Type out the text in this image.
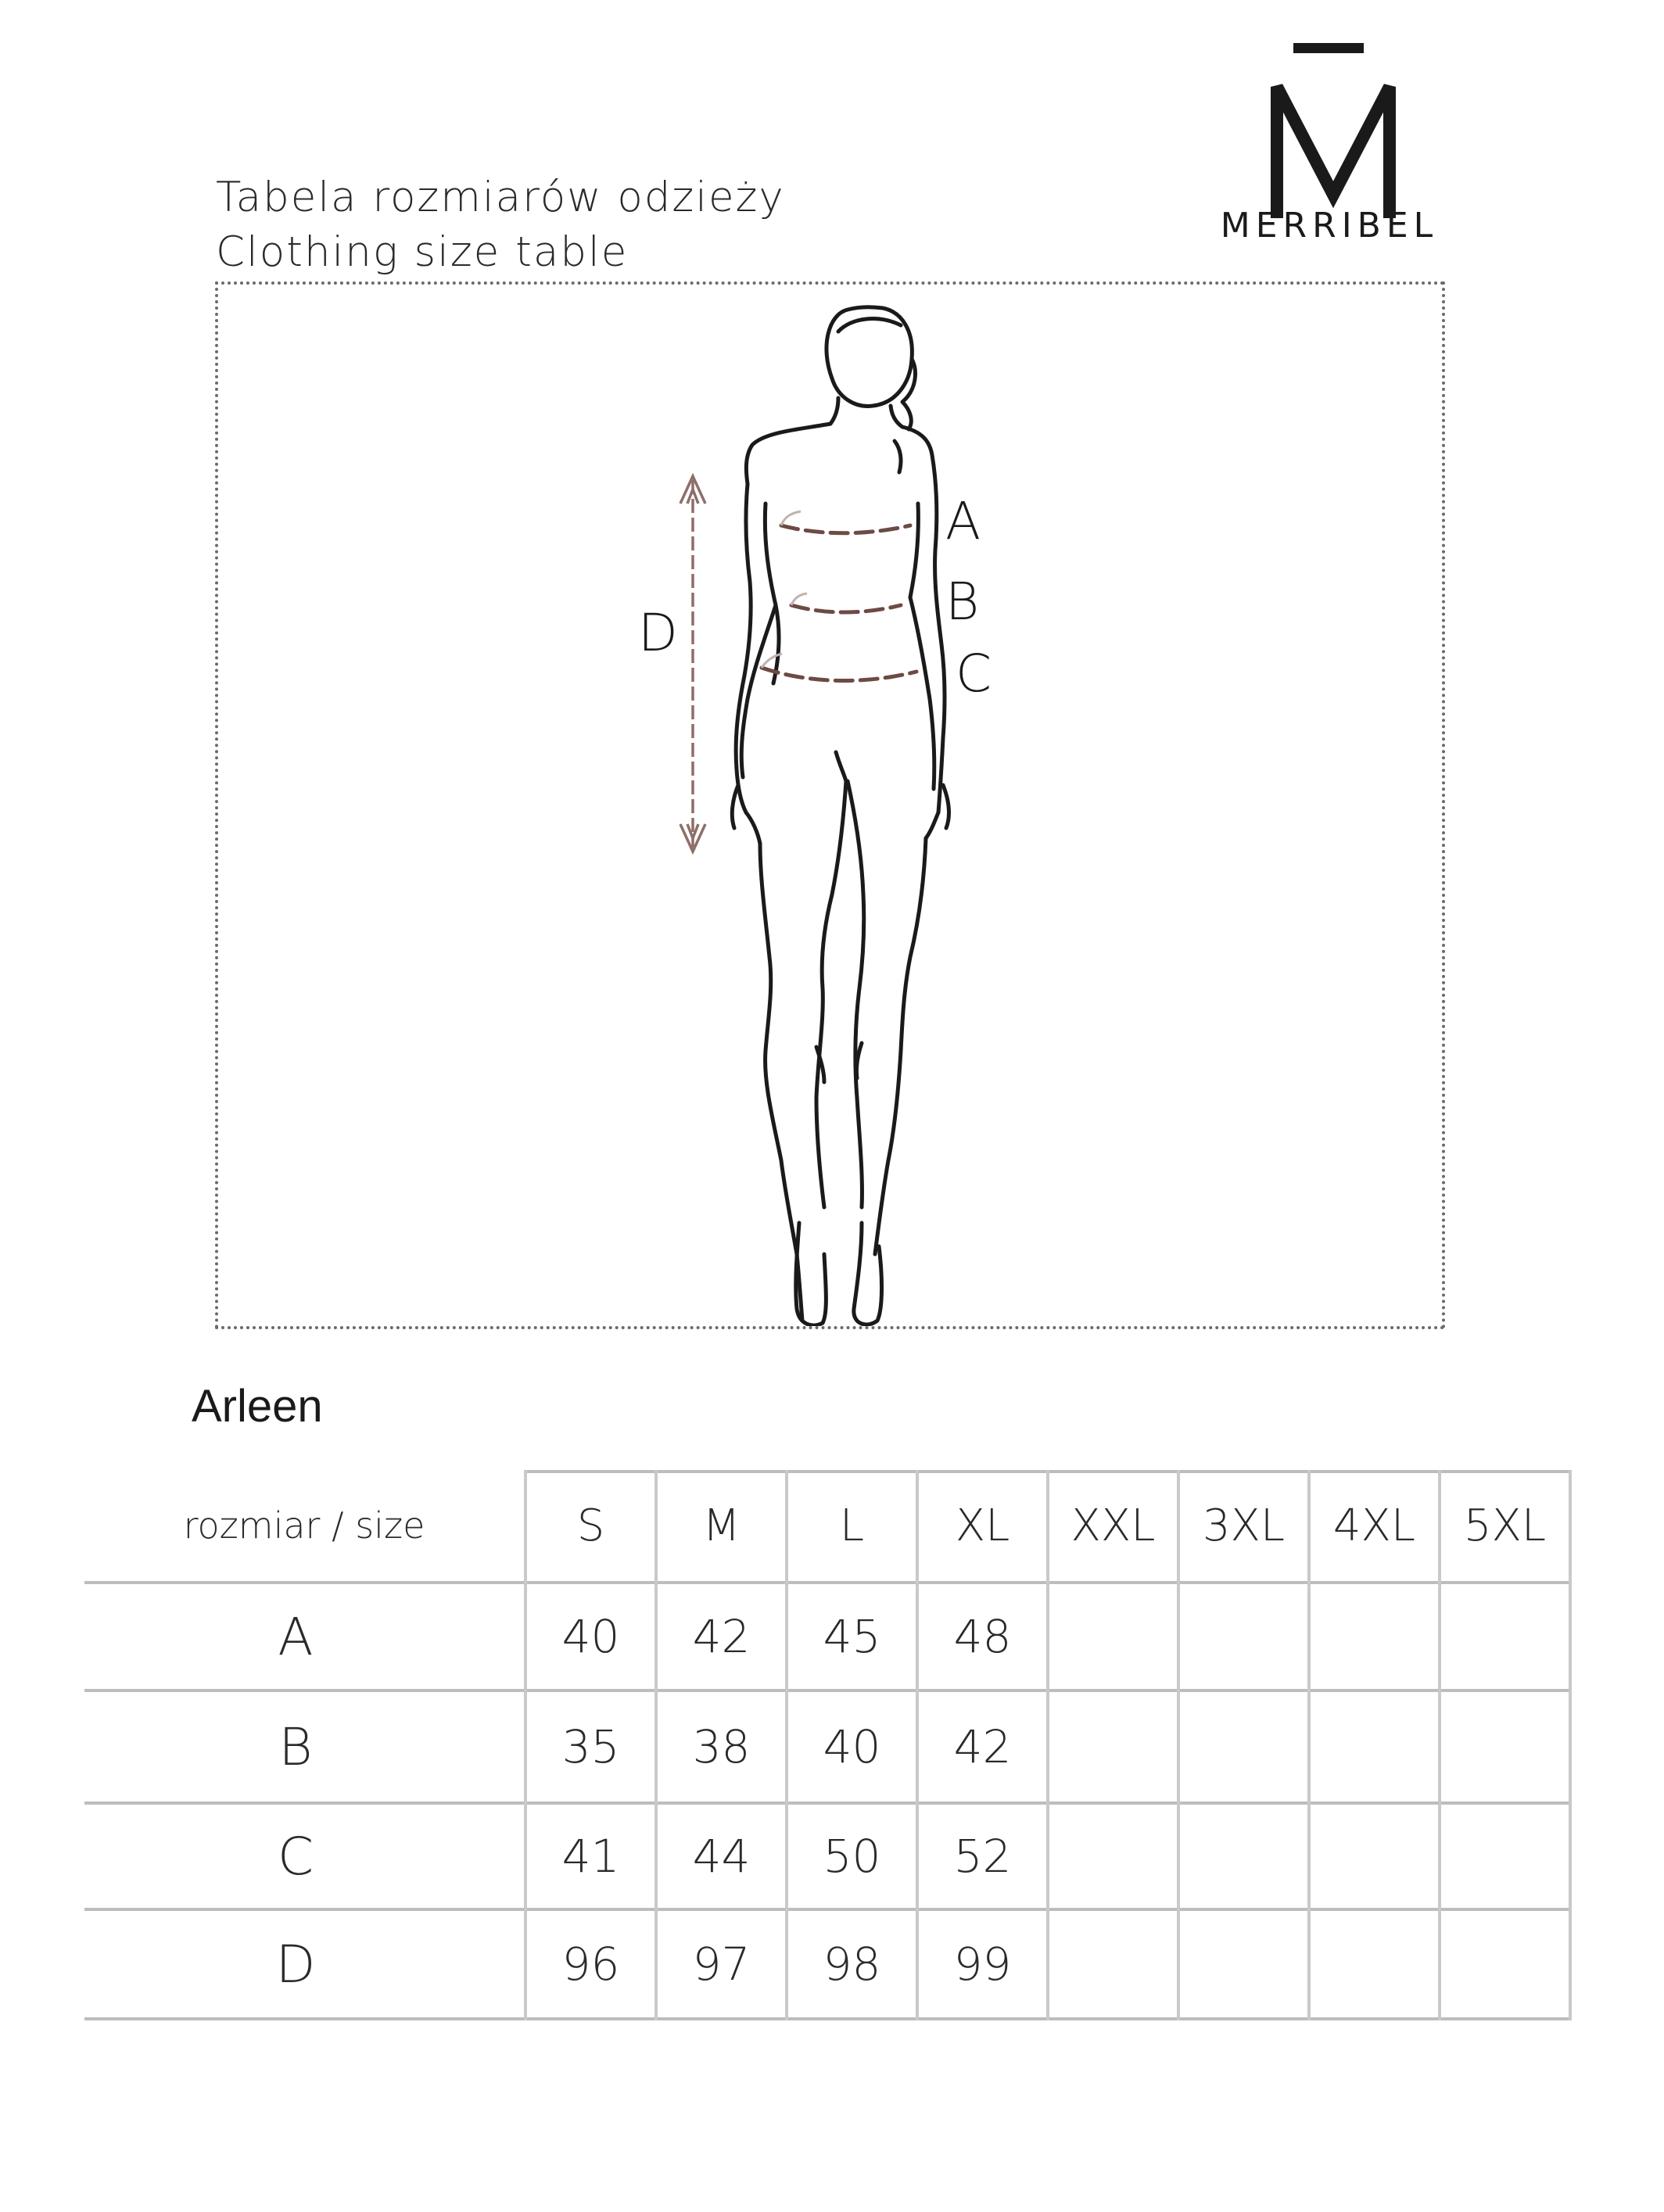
Tabela rozmiarów odzieży
Clothing size table
MERRIBEL
A
B
C
D
Arleen
rozmiar / size	S	M	L	XL	XXL	3XL	4XL	5XL
A	40	42	45	48
B	35	38	40	42
C	41	44	50	52
D	96	97	98	99
